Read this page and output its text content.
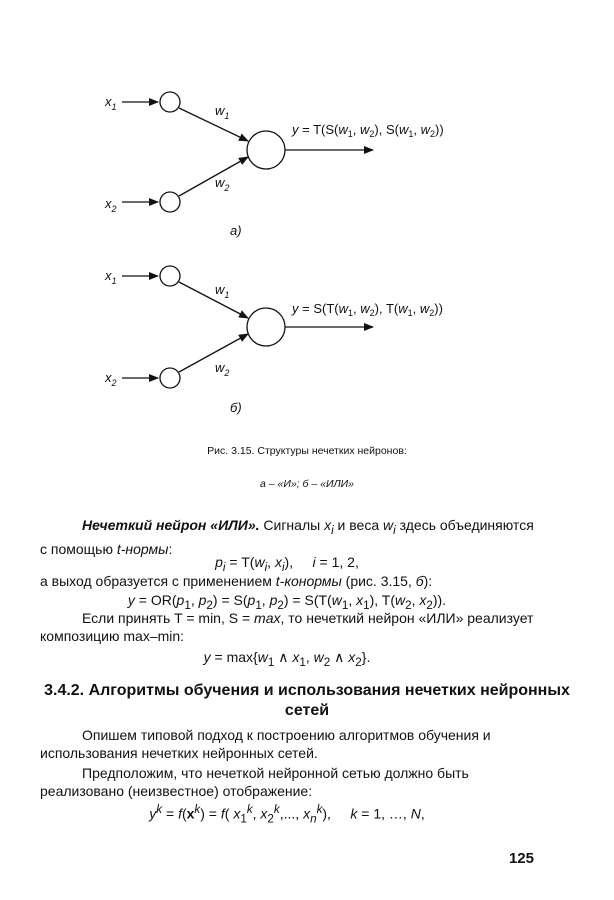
$x_1$
$x_2$
$w_1$
$w_2$
$y = T(S(w_1$, $w_2$), $S(w_1$, $w_2$))
a)
$x_1$
$x_2$
$w_1$
$w_2$
$y = S(T(w_1$, $w_2$), $T(w_1$, $w_2$))
б)
Рис. 3.15. Структуры нечетких нейронов:
а – «И»; б – «ИЛИ»
Нечеткий нейрон «ИЛИ». Сигналы $x_i$ и веса $w_i$ здесь объединяются с помощью t-нормы:
$p_i = T(w_i$, $x_i$),     i = 1, 2,
а выход образуется с применением t-конормы (рис. 3.15, б):
$y = OR(p_1$, $p_2) = S(p_1$, $p_2) = S(T(w_1$, $x_1$), $T(w_2$, $x_2$)).
Если принять T = min, S = max, то нечеткий нейрон «ИЛИ» реализует композицию max–min:
$y = \max\{w_1$ ∧ $x_1$, $w_2$ ∧ $x_2$}.
3.4.2. Алгоритмы обучения и использования нечетких нейронных сетей
Опишем типовой подход к построению алгоритмов обучения и использования нечетких нейронных сетей.
Предположим, что нечеткой нейронной сетью должно быть реализовано (неизвестное) отображение:
$y^k = f(x^k) = f$( $x_1^k$, $x_2^k$,..., $x_n^k$),     k = 1, …, N,
125
